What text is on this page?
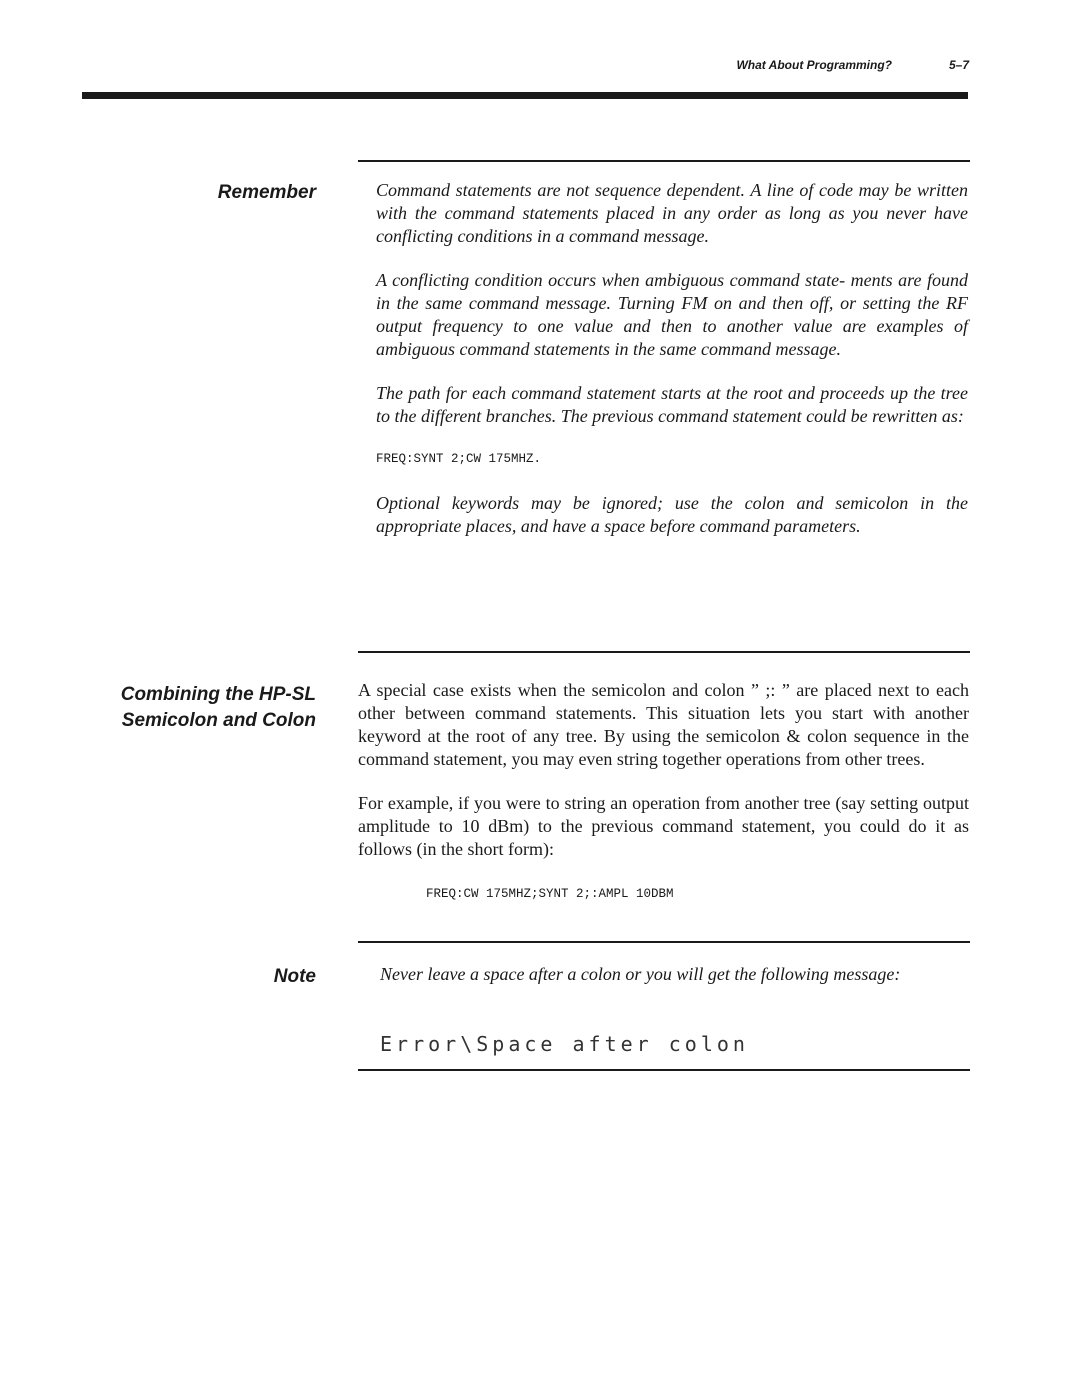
What About Programming?	5–7
Remember	Command statements are not sequence dependent. A line of code may be written with the command statements placed in any order as long as you never have conflicting conditions in a command message.

A conflicting condition occurs when ambiguous command state- ments are found in the same command message. Turning FM on and then off, or setting the RF output frequency to one value and then to another value are examples of ambiguous command statements in the same command message.

The path for each command statement starts at the root and proceeds up the tree to the different branches. The previous command statement could be rewritten as:

FREQ:SYNT 2;CW 175MHZ.

Optional keywords may be ignored; use the colon and semicolon in the appropriate places, and have a space before command parameters.

Combining the HP-SL
Semicolon and Colon

A special case exists when the semicolon and colon ” ;: ” are placed next to each other between command statements. This situation lets you start with another keyword at the root of any tree. By using the semicolon & colon sequence in the command statement, you may even string together operations from other trees.

For example, if you were to string an operation from another tree (say setting output amplitude to 10 dBm) to the previous command statement, you could do it as follows (in the short form):

FREQ:CW 175MHZ;SYNT 2;:AMPL 10DBM

Note	Never leave a space after a colon or you will get the following message:

Error\Space after colon
